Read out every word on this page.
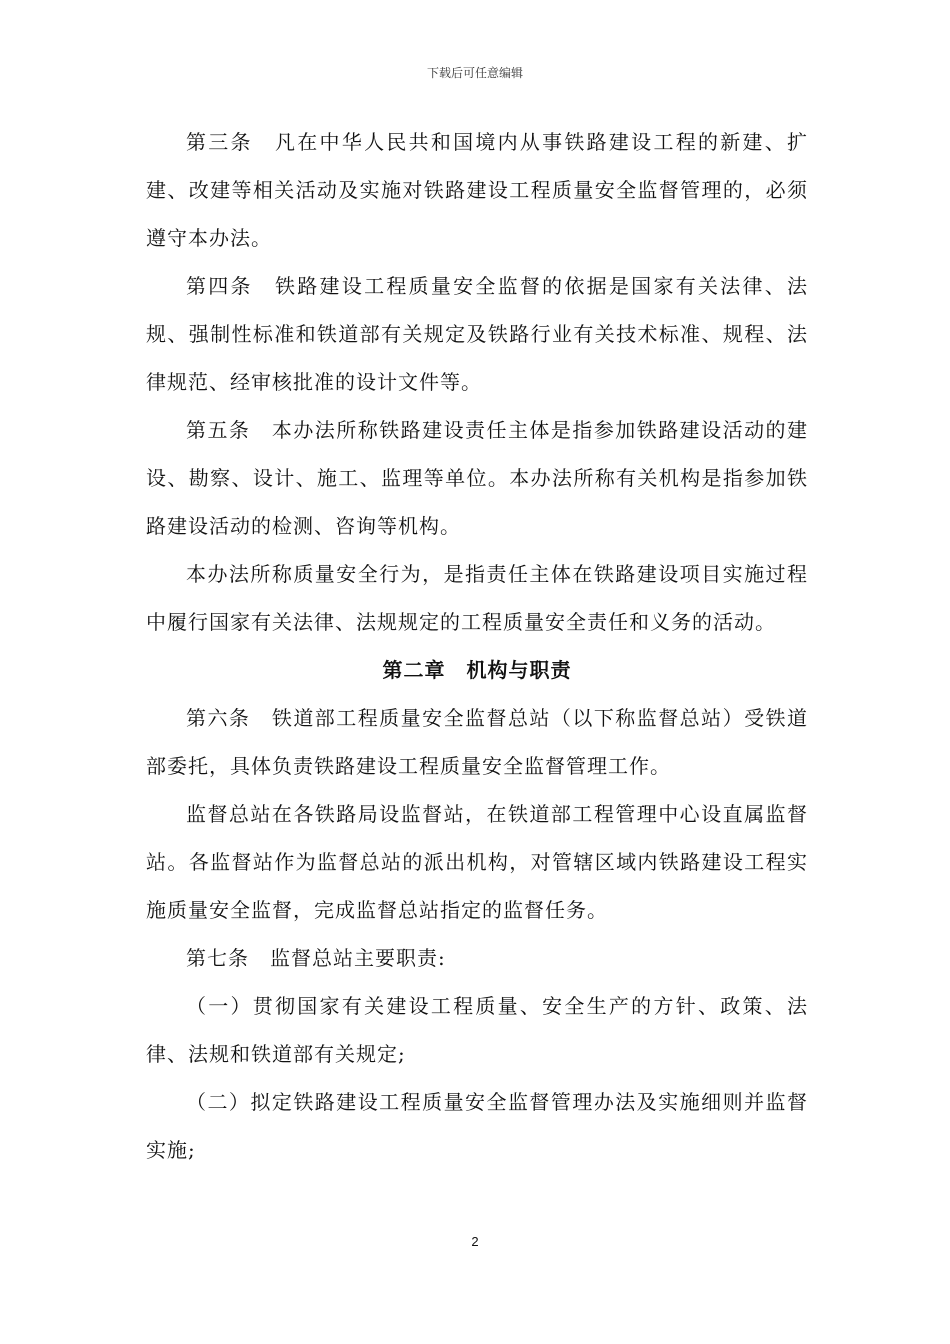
下载后可任意编辑

第三条　凡在中华人民共和国境内从事铁路建设工程的新建、扩建、改建等相关活动及实施对铁路建设工程质量安全监督管理的，必须遵守本办法。

第四条　铁路建设工程质量安全监督的依据是国家有关法律、法规、强制性标准和铁道部有关规定及铁路行业有关技术标准、规程、法律规范、经审核批准的设计文件等。

第五条　本办法所称铁路建设责任主体是指参加铁路建设活动的建设、勘察、设计、施工、监理等单位。本办法所称有关机构是指参加铁路建设活动的检测、咨询等机构。

本办法所称质量安全行为，是指责任主体在铁路建设项目实施过程中履行国家有关法律、法规规定的工程质量安全责任和义务的活动。

第二章　机构与职责

第六条　铁道部工程质量安全监督总站（以下称监督总站）受铁道部委托，具体负责铁路建设工程质量安全监督管理工作。

监督总站在各铁路局设监督站，在铁道部工程管理中心设直属监督站。各监督站作为监督总站的派出机构，对管辖区域内铁路建设工程实施质量安全监督，完成监督总站指定的监督任务。

第七条　监督总站主要职责:

（一）贯彻国家有关建设工程质量、安全生产的方针、政策、法律、法规和铁道部有关规定;

（二）拟定铁路建设工程质量安全监督管理办法及实施细则并监督实施;

2
